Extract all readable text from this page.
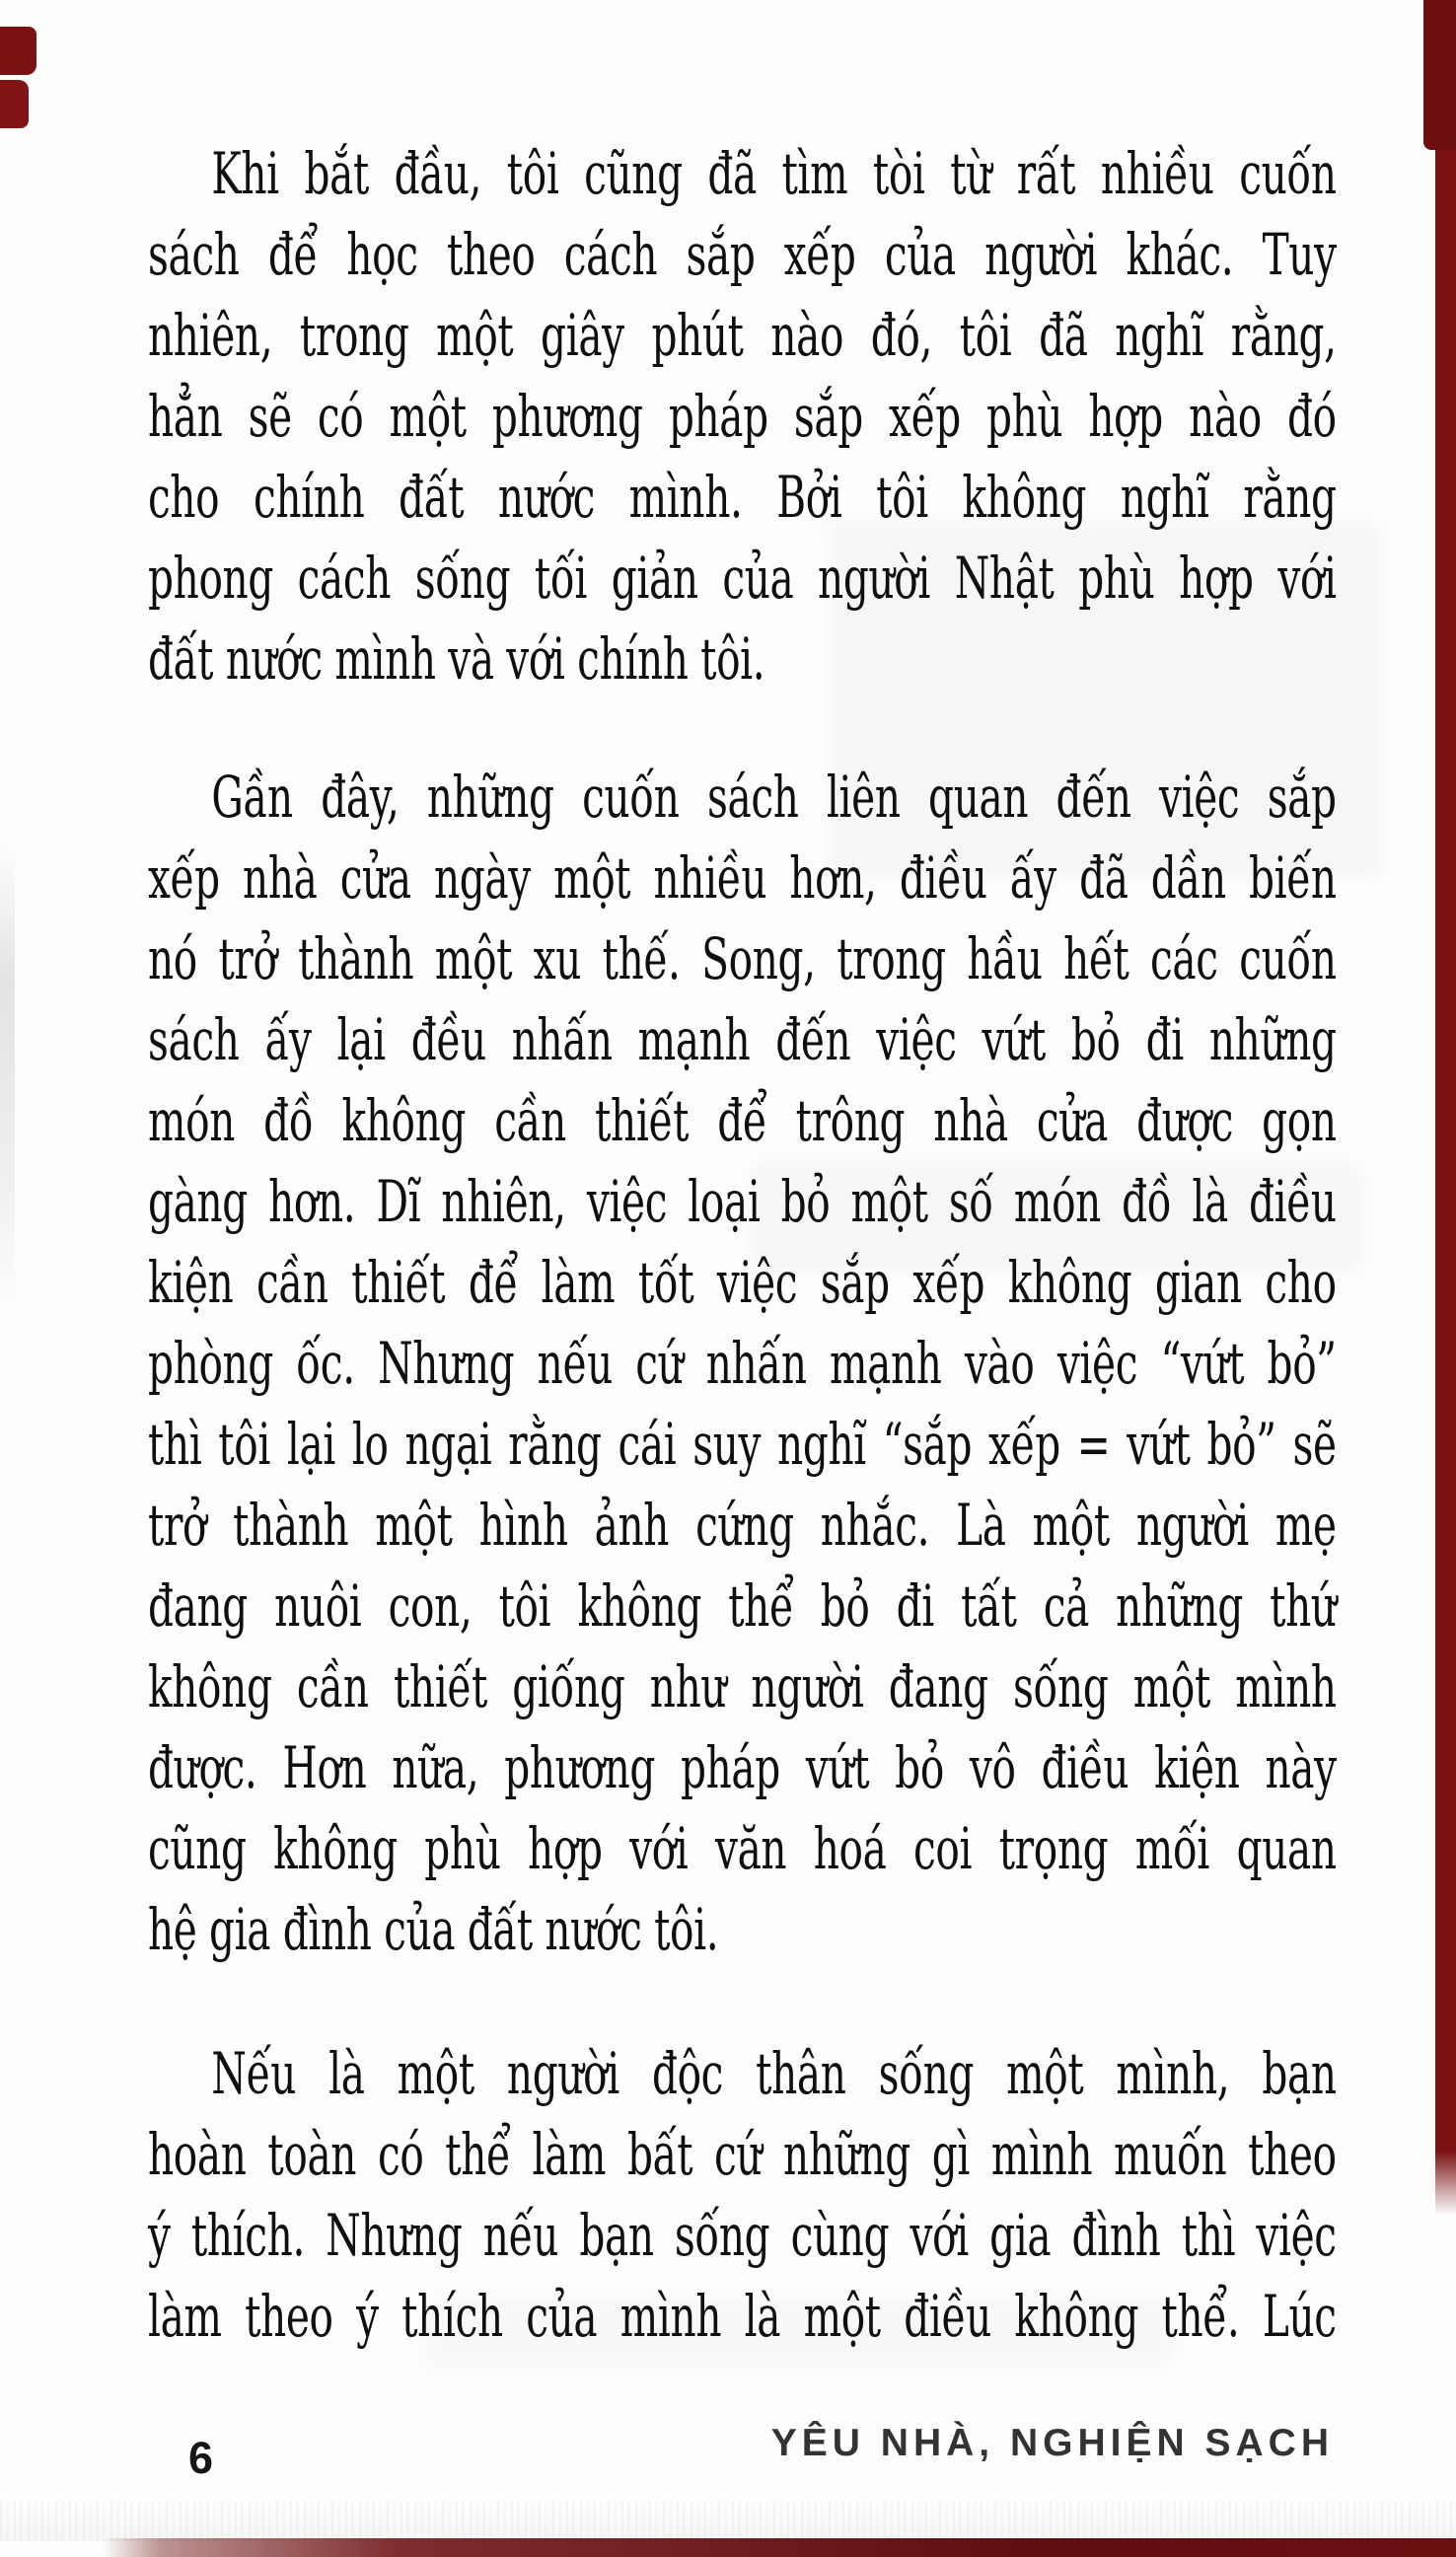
Khi bắt đầu, tôi cũng đã tìm tòi từ rất nhiều cuốn
sách để học theo cách sắp xếp của người khác. Tuy
nhiên, trong một giây phút nào đó, tôi đã nghĩ rằng,
hẳn sẽ có một phương pháp sắp xếp phù hợp nào đó
cho chính đất nước mình. Bởi tôi không nghĩ rằng
phong cách sống tối giản của người Nhật phù hợp với
đất nước mình và với chính tôi.
Gần đây, những cuốn sách liên quan đến việc sắp
xếp nhà cửa ngày một nhiều hơn, điều ấy đã dần biến
nó trở thành một xu thế. Song, trong hầu hết các cuốn
sách ấy lại đều nhấn mạnh đến việc vứt bỏ đi những
món đồ không cần thiết để trông nhà cửa được gọn
gàng hơn. Dĩ nhiên, việc loại bỏ một số món đồ là điều
kiện cần thiết để làm tốt việc sắp xếp không gian cho
phòng ốc. Nhưng nếu cứ nhấn mạnh vào việc “vứt bỏ”
thì tôi lại lo ngại rằng cái suy nghĩ “sắp xếp = vứt bỏ” sẽ
trở thành một hình ảnh cứng nhắc. Là một người mẹ
đang nuôi con, tôi không thể bỏ đi tất cả những thứ
không cần thiết giống như người đang sống một mình
được. Hơn nữa, phương pháp vứt bỏ vô điều kiện này
cũng không phù hợp với văn hoá coi trọng mối quan
hệ gia đình của đất nước tôi.
Nếu là một người độc thân sống một mình, bạn
hoàn toàn có thể làm bất cứ những gì mình muốn theo
ý thích. Nhưng nếu bạn sống cùng với gia đình thì việc
làm theo ý thích của mình là một điều không thể. Lúc
6	YÊU NHÀ, NGHIỆN SẠCH
